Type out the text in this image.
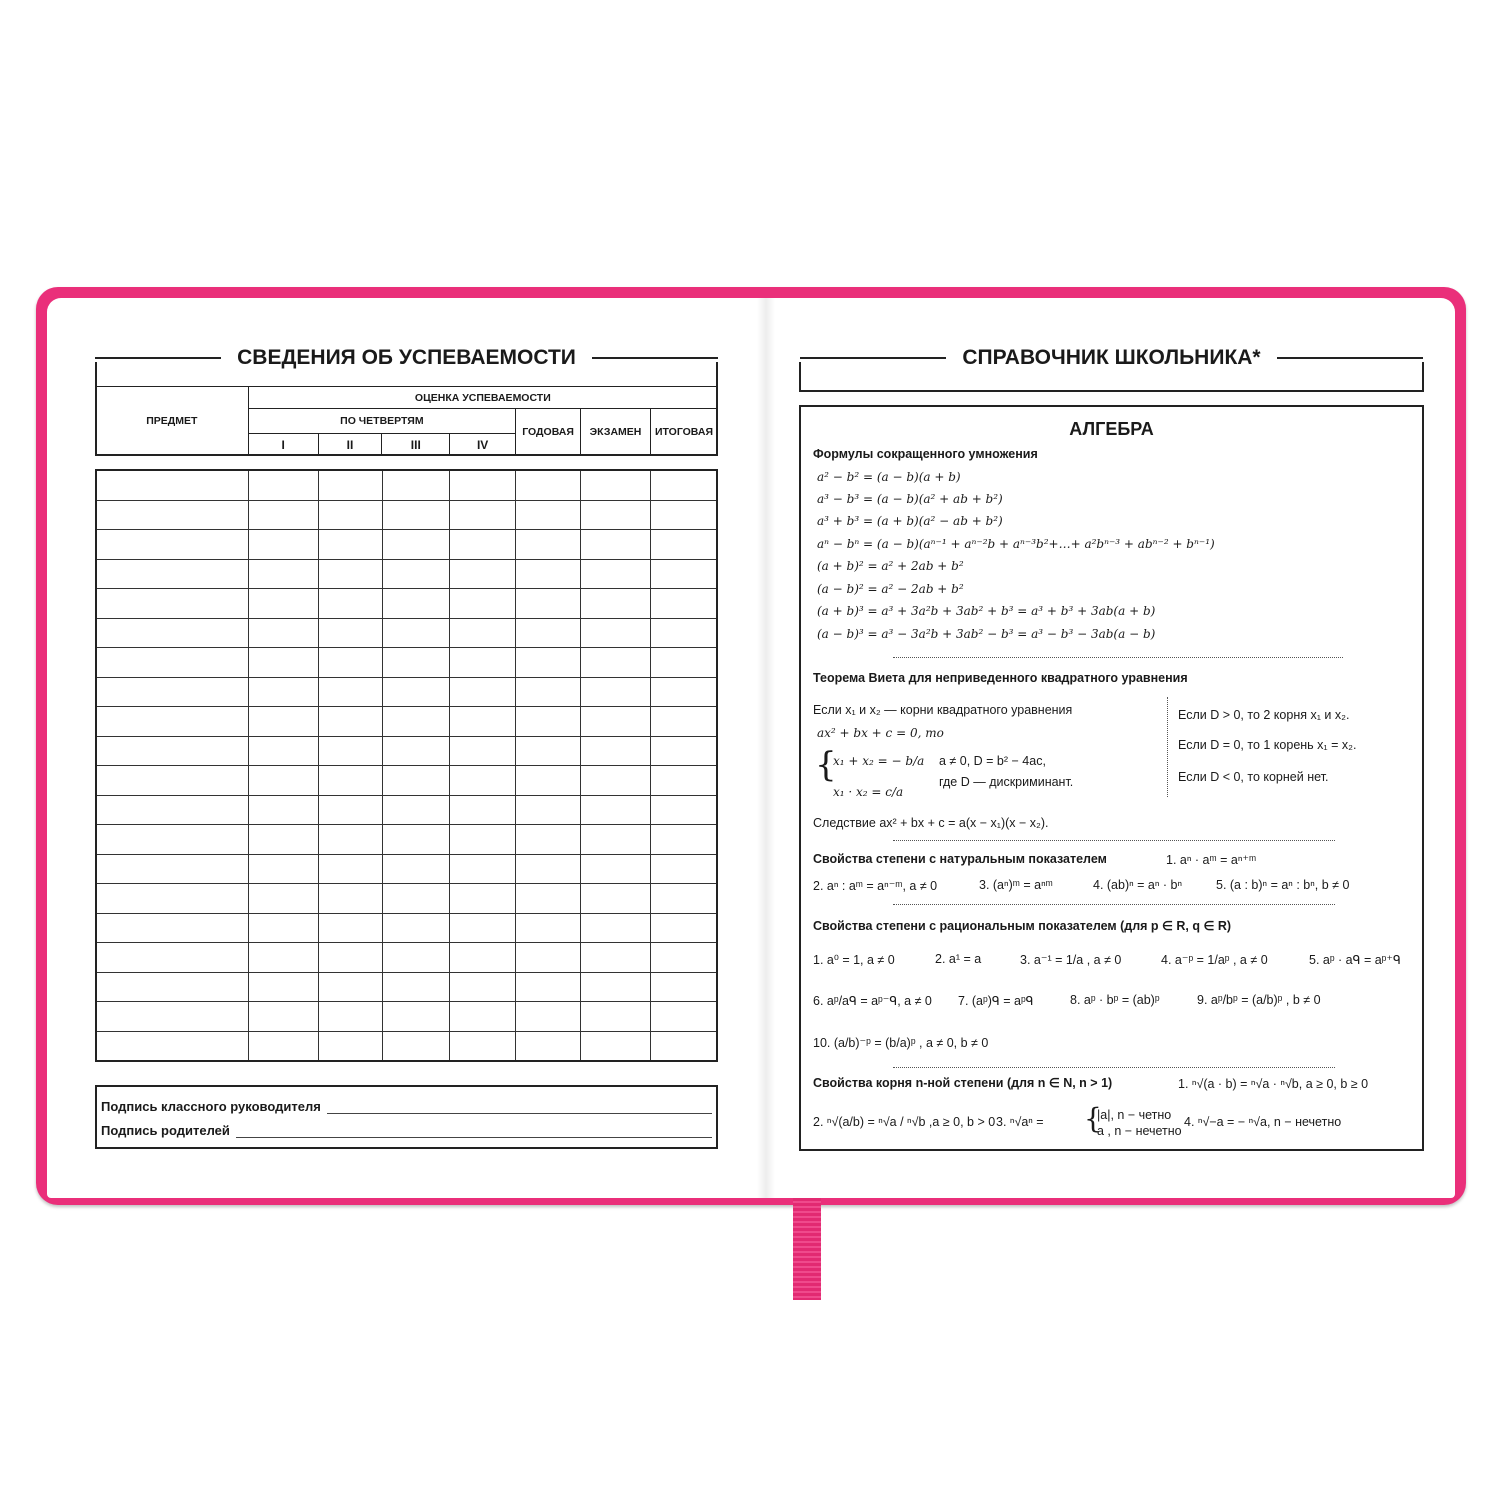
СВЕДЕНИЯ ОБ УСПЕВАЕМОСТИ
ПРЕДМЕТ	ОЦЕНКА УСПЕВАЕМОСТИ						
	ПО ЧЕТВЕРТЯМ				ГОДОВАЯ	ЭКЗАМЕН	ИТОГОВАЯ
	I	II	III	IV			

Подпись классного руководителя
Подпись родителей
СПРАВОЧНИК ШКОЛЬНИКА*
АЛГЕБРА
Формулы сокращенного умножения
a² − b² = (a − b)(a + b)
a³ − b³ = (a − b)(a² + ab + b²)
a³ + b³ = (a + b)(a² − ab + b²)
aⁿ − bⁿ = (a − b)(aⁿ⁻¹ + aⁿ⁻²b + aⁿ⁻³b²+…+ a²bⁿ⁻³ + abⁿ⁻² + bⁿ⁻¹)
(a + b)² = a² + 2ab + b²
(a − b)² = a² − 2ab + b²
(a + b)³ = a³ + 3a²b + 3ab² + b³ = a³ + b³ + 3ab(a + b)
(a − b)³ = a³ − 3a²b + 3ab² − b³ = a³ − b³ − 3ab(a − b)
Теорема Виета для неприведенного квадратного уравнения
Если x₁ и x₂ — корни квадратного уравнения
ax² + bx + c = 0, то
{
x₁ + x₂ = − b/a
x₁ · x₂ = c/a
a ≠ 0, D = b² − 4ac,
где D — дискриминант.
Следствие ax² + bx + c = a(x − x₁)(x − x₂).
Если D > 0, то 2 корня x₁ и x₂.
Если D = 0, то 1 корень x₁ = x₂.
Если D < 0, то корней нет.
Свойства степени с натуральным показателем	1. aⁿ · aᵐ = aⁿ⁺ᵐ
2. aⁿ : aᵐ = aⁿ⁻ᵐ, a ≠ 0	3. (aⁿ)ᵐ = aⁿᵐ	4. (ab)ⁿ = aⁿ · bⁿ	5. (a : b)ⁿ = aⁿ : bⁿ, b ≠ 0
Свойства степени с рациональным показателем (для p ∈ R, q ∈ R)
1. a⁰ = 1, a ≠ 0	2. a¹ = a	3. a⁻¹ = 1/a , a ≠ 0	4. a⁻ᵖ = 1/aᵖ , a ≠ 0	5. aᵖ · aᑫ = aᵖ⁺ᑫ
6. aᵖ/aᑫ = aᵖ⁻ᑫ, a ≠ 0 7. (aᵖ)ᑫ = aᵖᑫ	8. aᵖ · bᵖ = (ab)ᵖ	9. aᵖ/bᵖ = (a/b)ᵖ , b ≠ 0
10. (a/b)⁻ᵖ = (b/a)ᵖ , a ≠ 0, b ≠ 0
Свойства корня n-ной степени (для n ∈ N, n > 1)	1. ⁿ√(a · b) = ⁿ√a · ⁿ√b, a ≥ 0, b ≥ 0
2. ⁿ√(a/b) = ⁿ√a / ⁿ√b ,a ≥ 0, b > 0 3. ⁿ√aⁿ = {
|a|, n − четно
a , n − нечетно
4. ⁿ√−a = − ⁿ√a, n − нечетно
